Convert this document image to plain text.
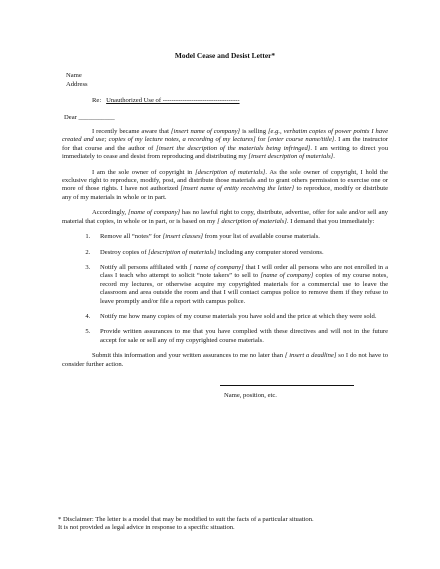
Model Cease and Desist Letter*
Name
Address
Re: Unauthorized Use of -----------------------------------
Dear ___________

I recently became aware that [insert name of company] is selling [e.g., verbatim copies of power points I have created and use; copies of my lecture notes, a recording of my lectures] for [enter course name/title]. I am the instructor for that course and the author of [insert the description of the materials being infringed]. I am writing to direct you immediately to cease and desist from reproducing and distributing my [insert description of materials].

I am the sole owner of copyright in [description of materials]. As the sole owner of copyright, I hold the exclusive right to reproduce, modify, post, and distribute those materials and to grant others permission to exercise one or more of those rights. I have not authorized [insert name of entity receiving the letter] to reproduce, modify or distribute any of my materials in whole or in part.

Accordingly, [name of company] has no lawful right to copy, distribute, advertise, offer for sale and/or sell any material that copies, in whole or in part, or is based on my [ description of materials]. I demand that you immediately:

1. Remove all “notes” for [insert classes] from your list of available course materials.
2. Destroy copies of [description of materials] including any computer stored versions.
3. Notify all persons affiliated with [ name of company] that I will order all persons who are not enrolled in a class I teach who attempt to solicit “note takers” to sell to [name of company] copies of my course notes, record my lectures, or otherwise acquire my copyrighted materials for a commercial use to leave the classroom and area outside the room and that I will contact campus police to remove them if they refuse to leave promptly and/or file a report with campus police.
4. Notify me how many copies of my course materials you have sold and the price at which they were sold.
5. Provide written assurances to me that you have complied with these directives and will not in the future accept for sale or sell any of my copyrighted course materials.

Submit this information and your written assurances to me no later than [ insert a deadline] so I do not have to consider further action.

Name, position, etc.
* Disclaimer: The letter is a model that may be modified to suit the facts of a particular situation.
It is not provided as legal advice in response to a specific situation.
